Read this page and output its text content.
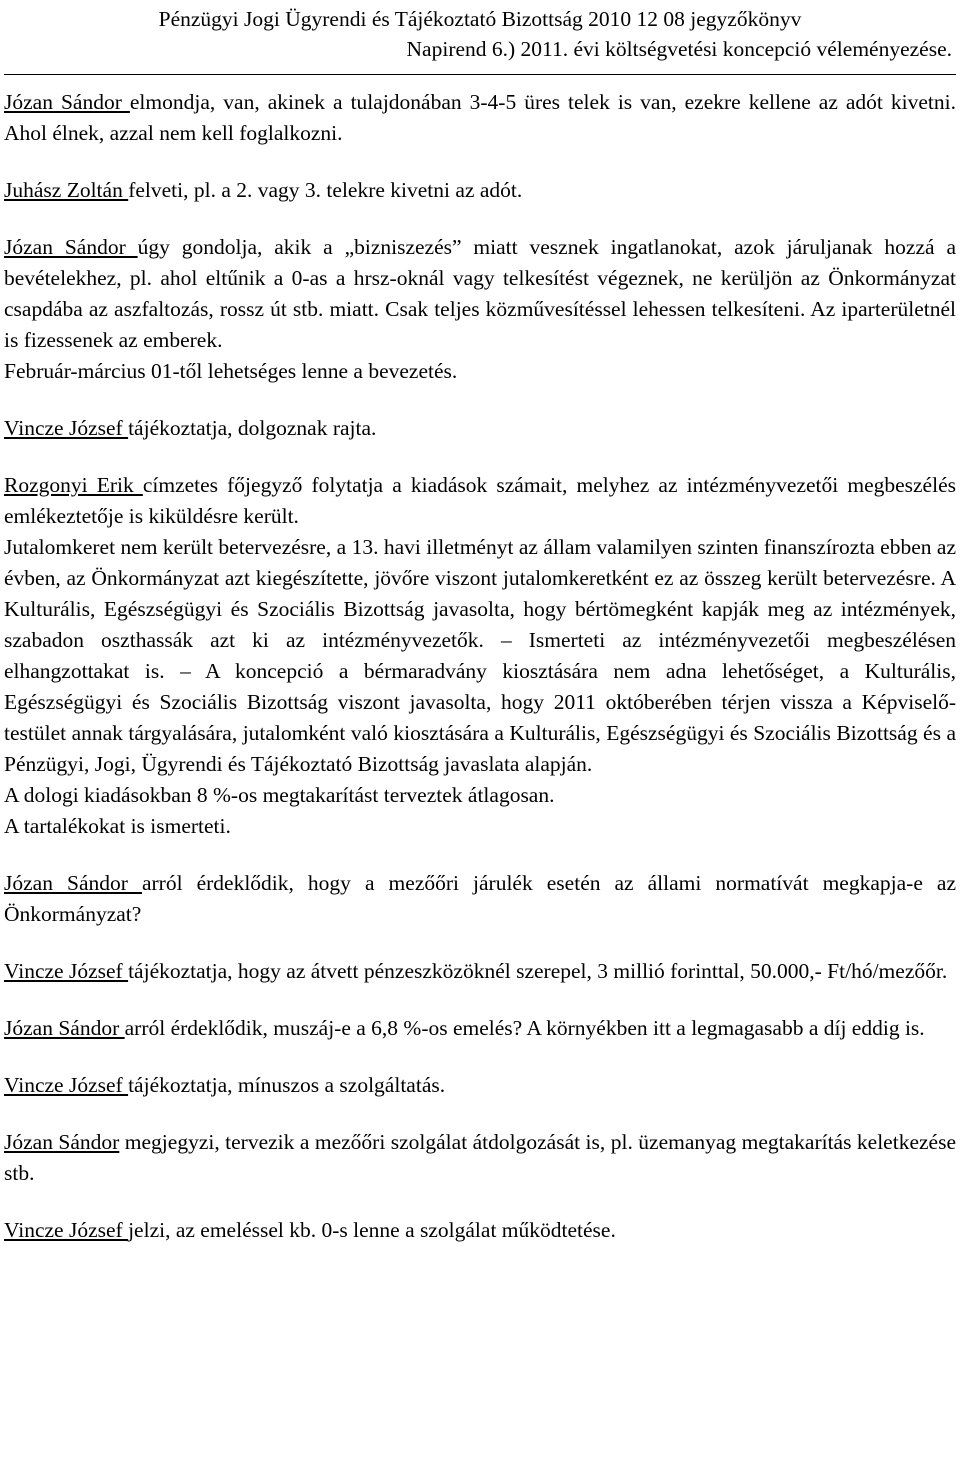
Pénzügyi Jogi Ügyrendi és Tájékoztató Bizottság 2010 12 08 jegyzőkönyv
Napirend 6.) 2011. évi költségvetési koncepció véleményezése.
Józan Sándor elmondja, van, akinek a tulajdonában 3-4-5 üres telek is van, ezekre kellene az adót kivetni. Ahol élnek, azzal nem kell foglalkozni.
Juhász Zoltán felveti, pl. a 2. vagy 3. telekre kivetni az adót.
Józan Sándor úgy gondolja, akik a „bizniszezés” miatt vesznek ingatlanokat, azok járuljanak hozzá a bevételekhez, pl. ahol eltűnik a 0-as a hrsz-oknál vagy telkesítést végeznek, ne kerüljön az Önkormányzat csapdába az aszfaltozás, rossz út stb. miatt. Csak teljes közművesítéssel lehessen telkesíteni. Az iparterületnél is fizessenek az emberek.
Február-március 01-től lehetséges lenne a bevezetés.
Vincze József tájékoztatja, dolgoznak rajta.
Rozgonyi Erik címzetes főjegyző folytatja a kiadások számait, melyhez az intézményvezetői megbeszélés emlékeztetője is kiküldésre került.
Jutalomkeret nem került betervezésre, a 13. havi illetményt az állam valamilyen szinten finanszírozta ebben az évben, az Önkormányzat azt kiegészítette, jövőre viszont jutalomkeretként ez az összeg került betervezésre. A Kulturális, Egészségügyi és Szociális Bizottság javasolta, hogy bértömegként kapják meg az intézmények, szabadon oszthassák azt ki az intézményvezetők. – Ismerteti az intézményvezetői megbeszélésen elhangzottakat is. – A koncepció a bérmaradvány kiosztására nem adna lehetőséget, a Kulturális, Egészségügyi és Szociális Bizottság viszont javasolta, hogy 2011 októberében térjen vissza a Képviselő-testület annak tárgyalására, jutalomként való kiosztására a Kulturális, Egészségügyi és Szociális Bizottság és a Pénzügyi, Jogi, Ügyrendi és Tájékoztató Bizottság javaslata alapján.
A dologi kiadásokban 8 %-os megtakarítást terveztek átlagosan.
A tartalékokat is ismerteti.
Józan Sándor arról érdeklődik, hogy a mezőőri járulék esetén az állami normatívát megkapja-e az Önkormányzat?
Vincze József tájékoztatja, hogy az átvett pénzeszközöknél szerepel, 3 millió forinttal, 50.000,- Ft/hó/mezőőr.
Józan Sándor arról érdeklődik, muszáj-e a 6,8 %-os emelés? A környékben itt a legmagasabb a díj eddig is.
Vincze József tájékoztatja, mínuszos a szolgáltatás.
Józan Sándor megjegyzi, tervezik a mezőőri szolgálat átdolgozását is, pl. üzemanyag megtakarítás keletkezése stb.
Vincze József jelzi, az emeléssel kb. 0-s lenne a szolgálat működtetése.
